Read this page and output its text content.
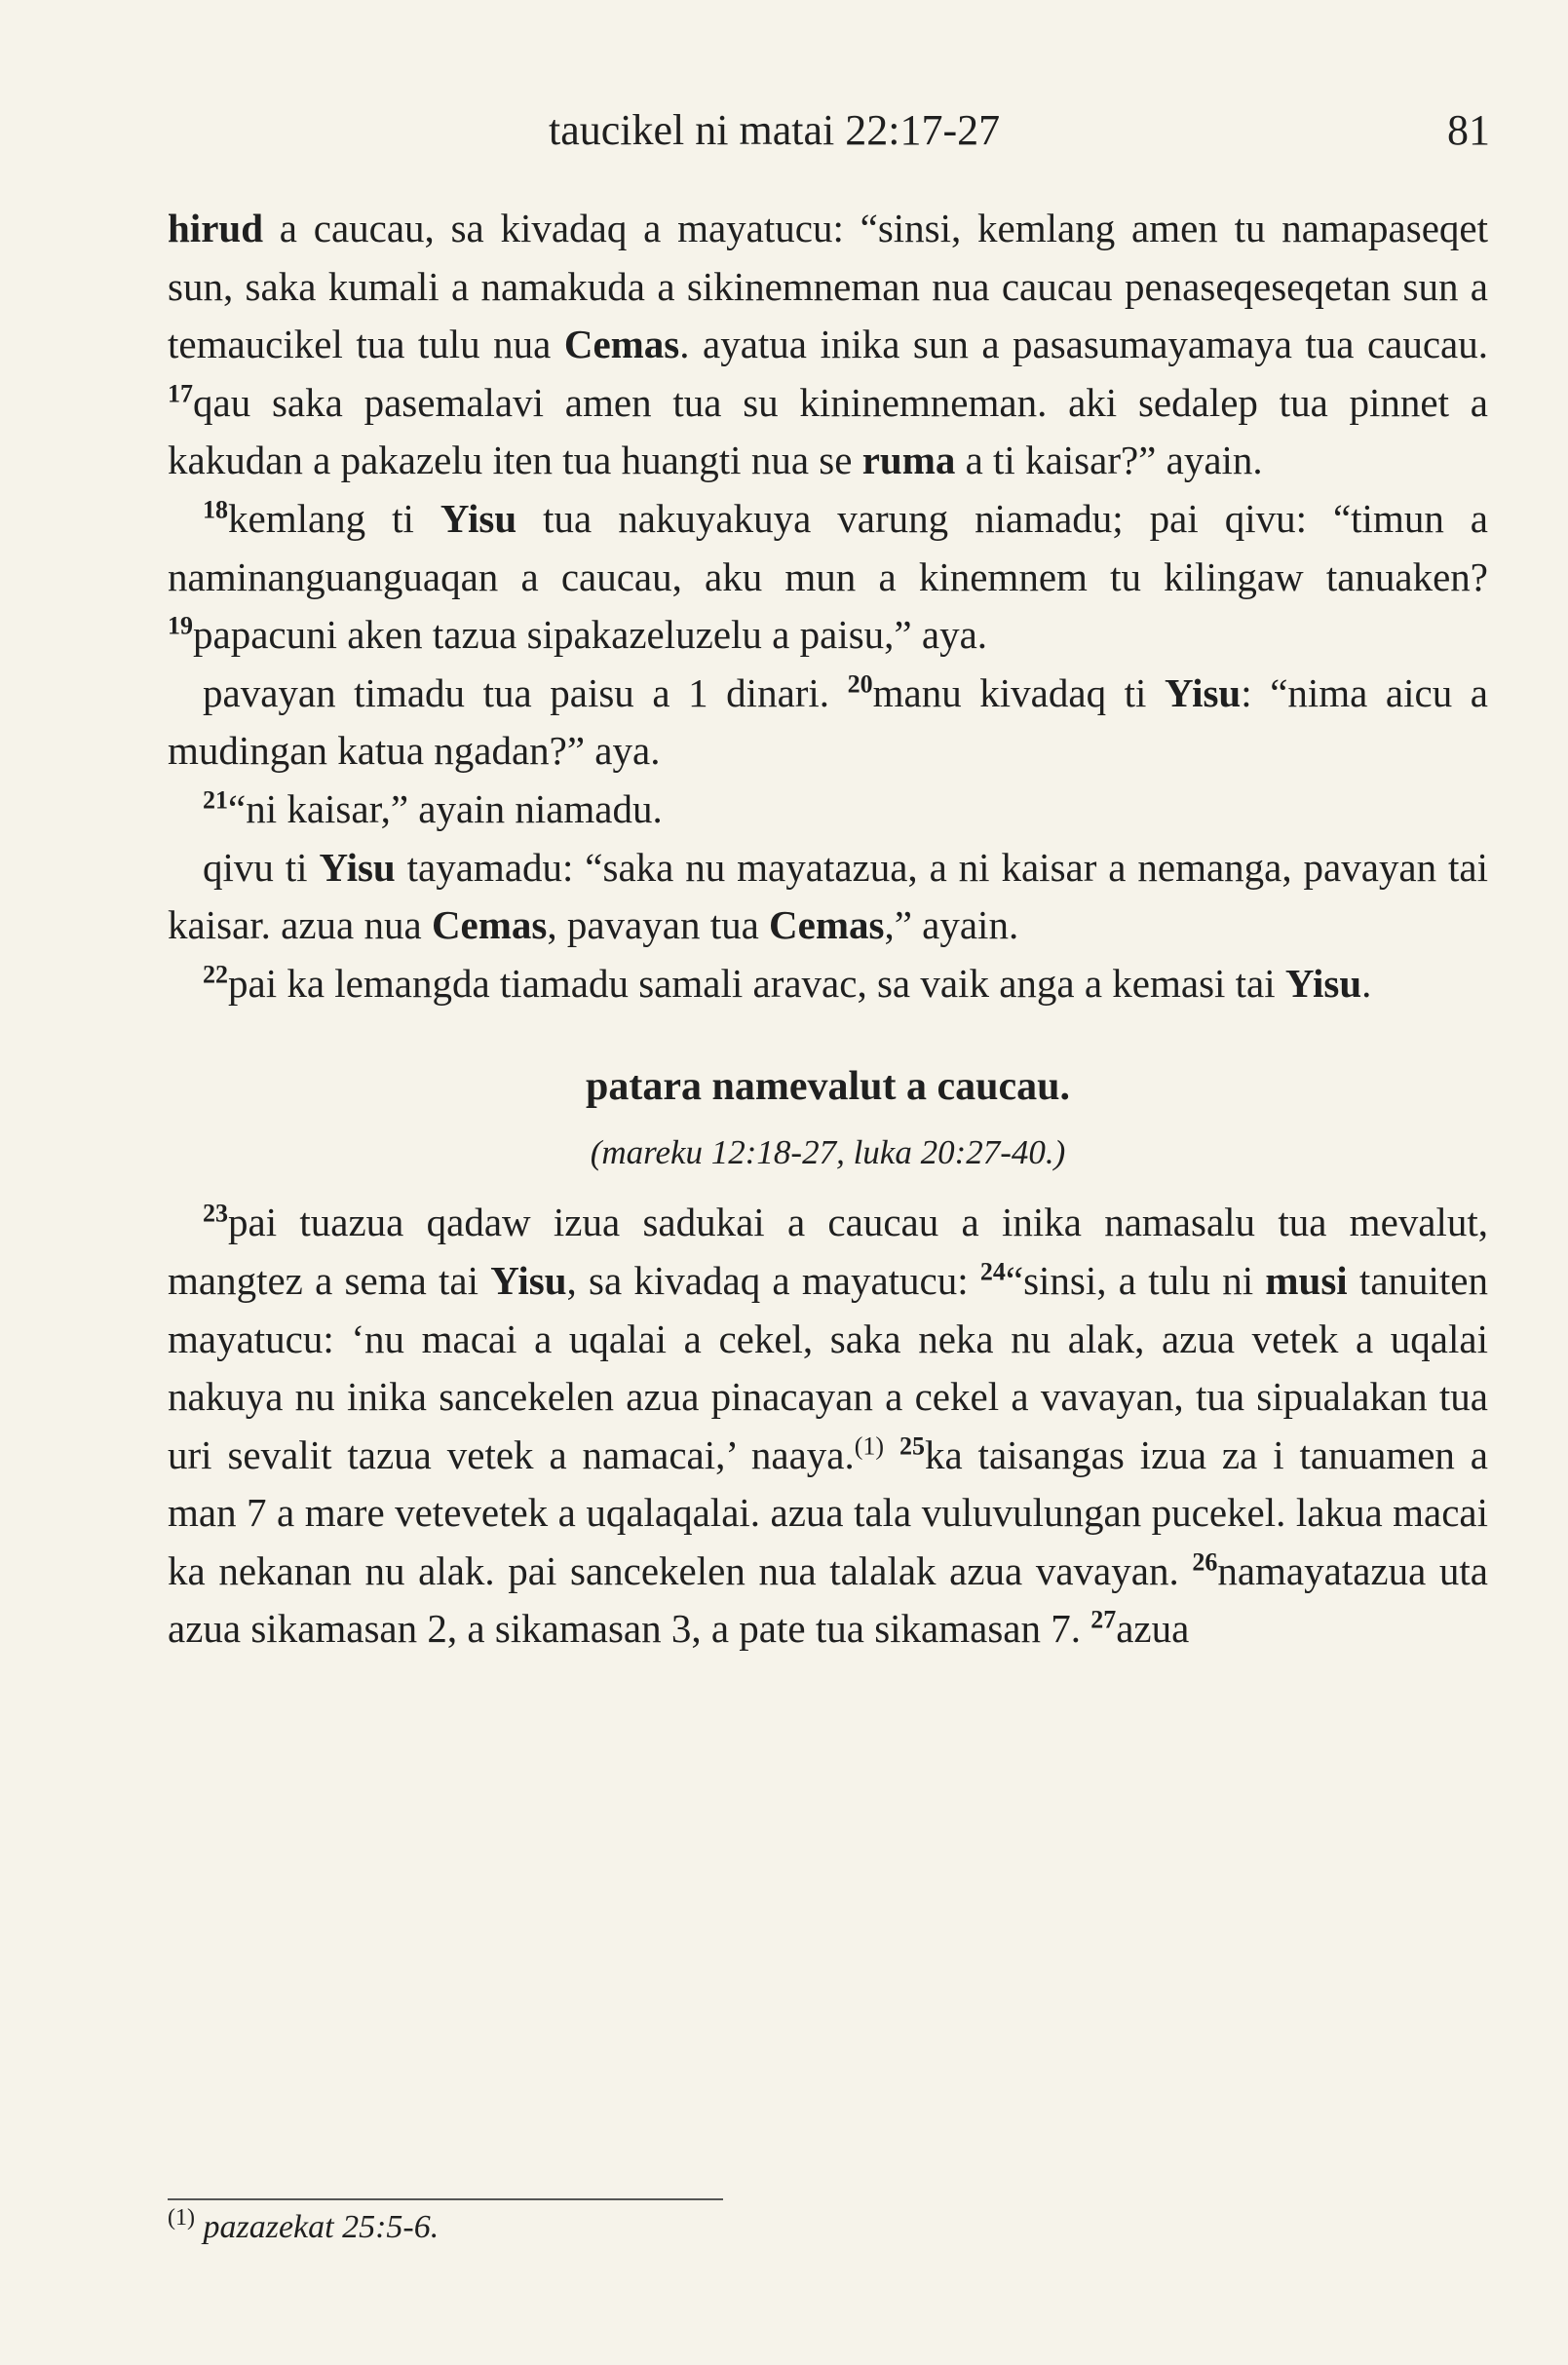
taucikel ni matai 22:17-27	81

hirud a caucau, sa kivadaq a mayatucu: “sinsi, kemlang amen tu namapaseqet sun, saka kumali a namakuda a sikinemneman nua caucau penaseqeseqetan sun a temaucikel tua tulu nua Cemas. ayatua inika sun a pasasumayamaya tua caucau. $^{17}$qau saka pasemalavi amen tua su kininemneman. aki sedalep tua pinnet a kakudan a pakazelu iten tua huangti nua se ruma a ti kaisar?” ayain.

$^{18}$kemlang ti Yisu tua nakuyakuya varung niamadu; pai qivu: “timun a naminanguanguaqan a caucau, aku mun a kinemnem tu kilingaw tanuaken? $^{19}$papacuni aken tazua sipakazeluzelu a paisu,” aya.

pavayan timadu tua paisu a 1 dinari. $^{20}$manu kivadaq ti Yisu: “nima aicu a mudingan katua ngadan?” aya.

$^{21}$“ni kaisar,” ayain niamadu.

qivu ti Yisu tayamadu: “saka nu mayatazua, a ni kaisar a nemanga, pavayan tai kaisar. azua nua Cemas, pavayan tua Cemas,” ayain.

$^{22}$pai ka lemangda tiamadu samali aravac, sa vaik anga a kemasi tai Yisu.

patara namevalut a caucau.
(mareku 12:18-27, luka 20:27-40.)

$^{23}$pai tuazua qadaw izua sadukai a caucau a inika namasalu tua mevalut, mangtez a sema tai Yisu, sa kivadaq a mayatucu: $^{24}$“sinsi, a tulu ni musi tanuiten mayatucu: ‘nu macai a uqalai a cekel, saka neka nu alak, azua vetek a uqalai nakuya nu inika sancekelen azua pinacayan a cekel a vavayan, tua sipualakan tua uri sevalit tazua vetek a namacai,’ naaya.$^{(1)}$ $^{25}$ka taisangas izua za i tanuamen a man 7 a mare vetevetek a uqalaqalai. azua tala vuluvulungan pucekel. lakua macai ka nekanan nu alak. pai sancekelen nua talalak azua vavayan. $^{26}$namayatazua uta azua sikamasan 2, a sikamasan 3, a pate tua sikamasan 7. $^{27}$azua

$^{(1)}$ pazazekat 25:5-6.
